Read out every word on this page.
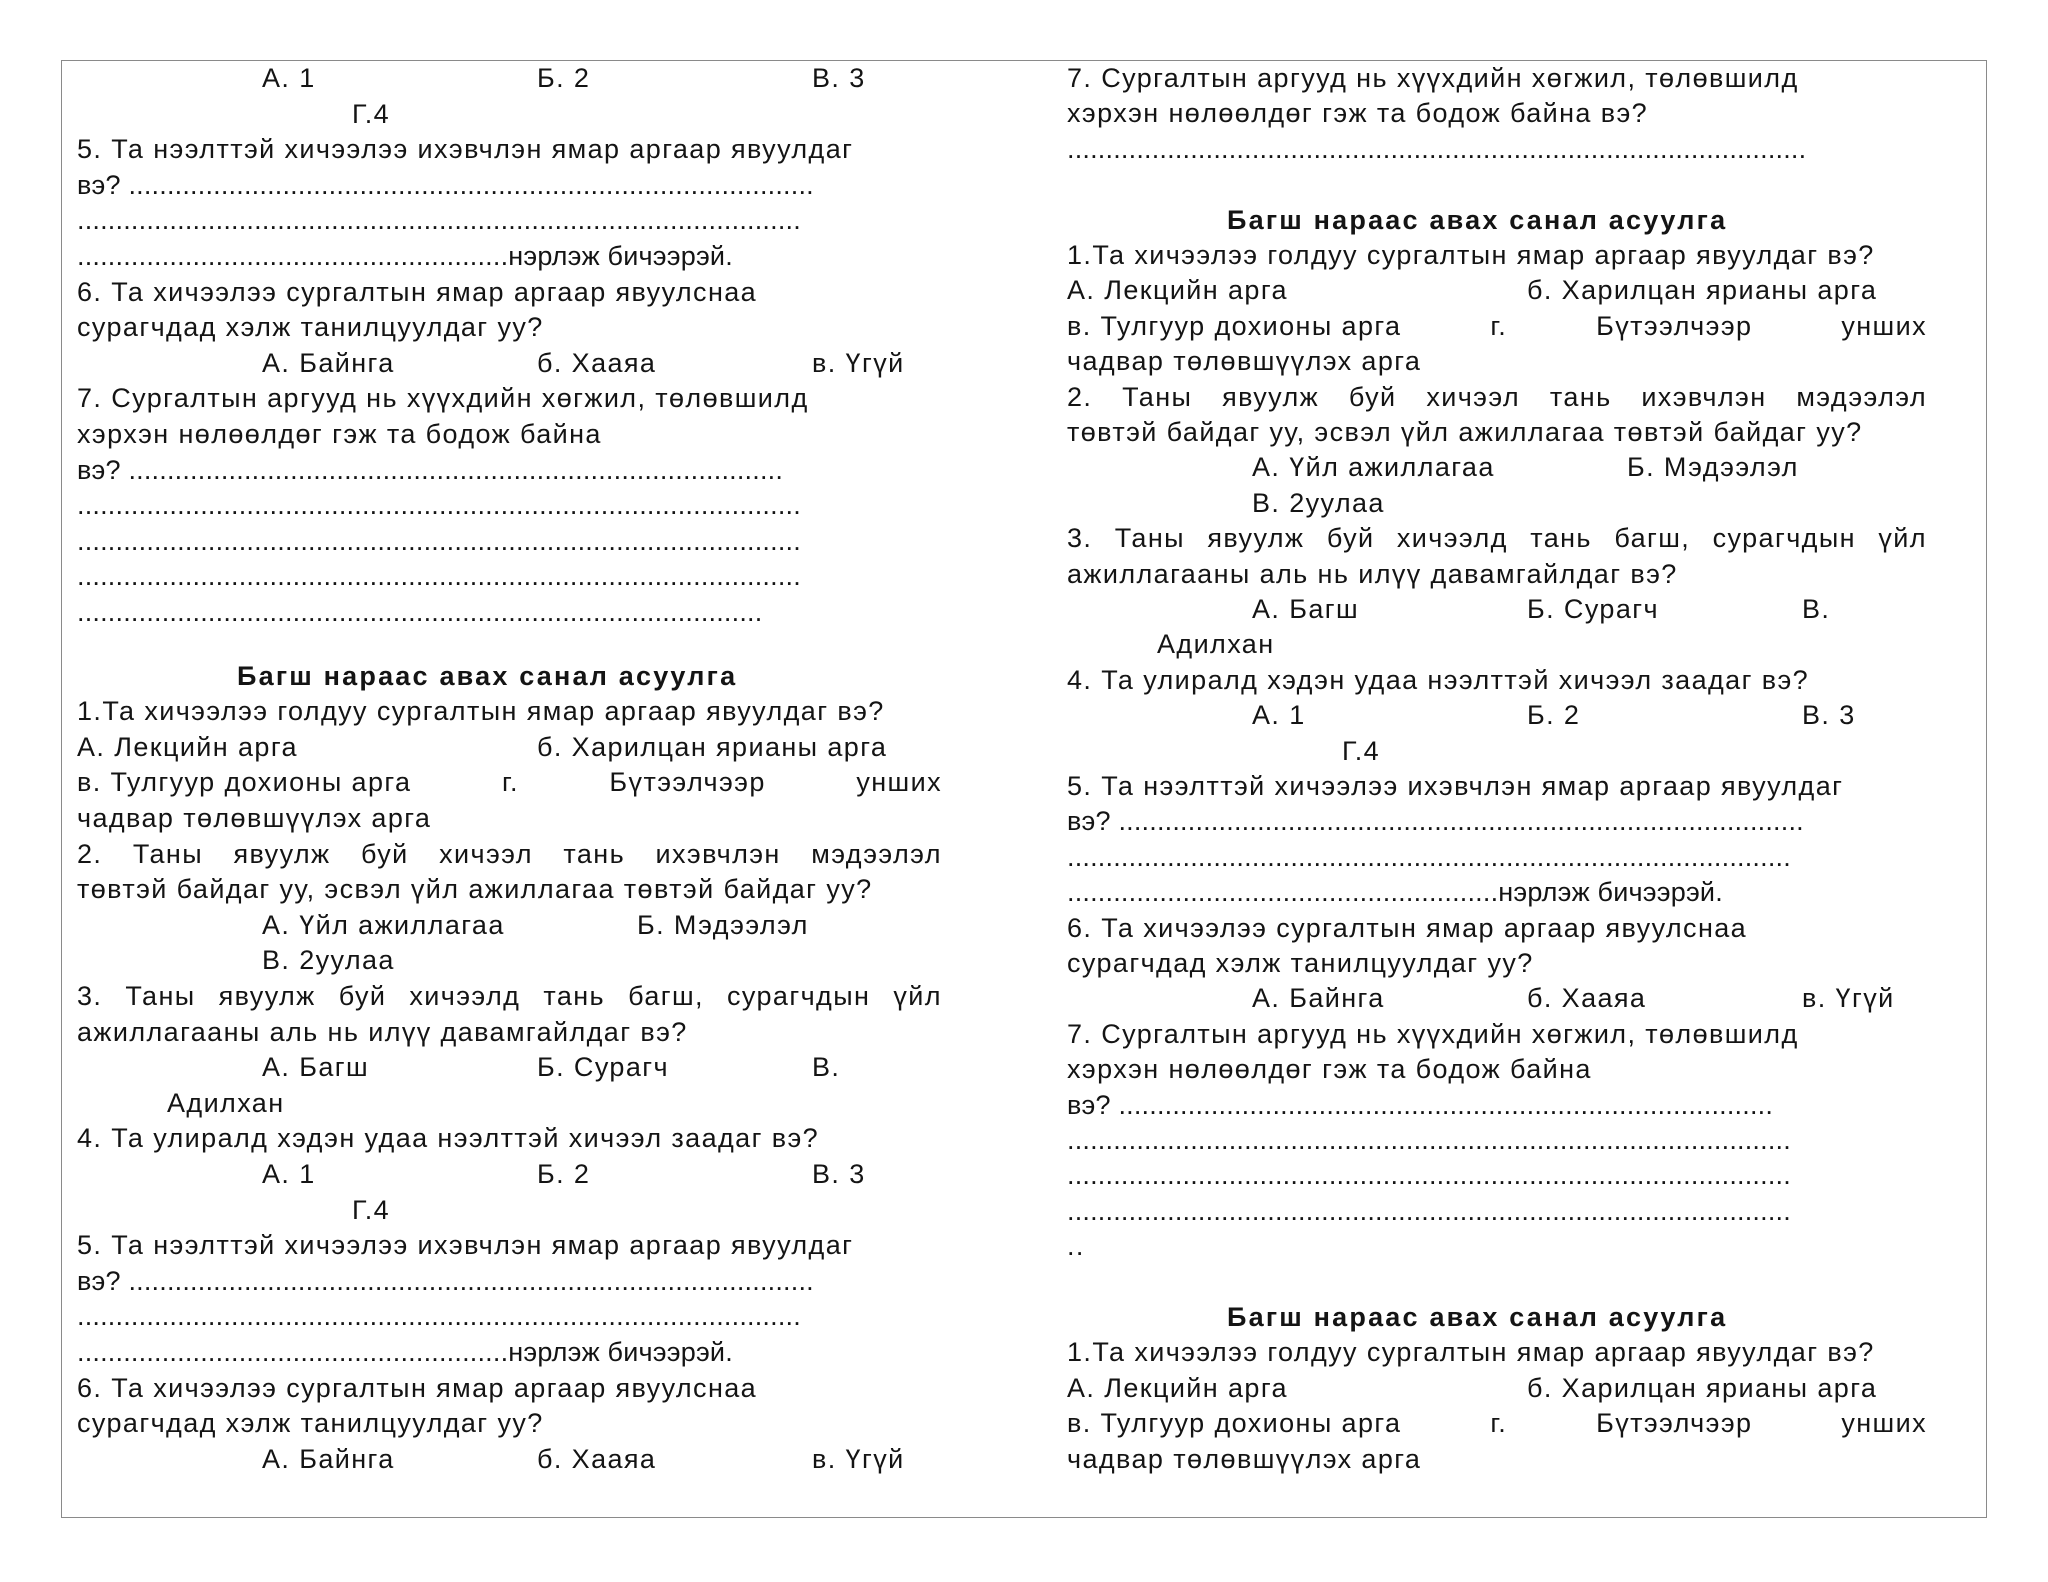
А. 1	Б. 2	В. 3
Г.4
5. Та нээлттэй хичээлээ ихэвчлэн ямар аргаар явуулдаг
вэ? .........................................................................................
..............................................................................................
........................................................нэрлэж бичээрэй.
6. Та хичээлээ сургалтын ямар аргаар явуулснаа
сурагчдад хэлж танилцуулдаг уу?
А. Байнга	б. Хааяа	в. Үгүй
7. Сургалтын аргууд нь хүүхдийн хөгжил, төлөвшилд
хэрхэн нөлөөлдөг гэж та бодож байна
вэ? .....................................................................................
..............................................................................................
..............................................................................................
..............................................................................................
.........................................................................................
Багш нараас авах санал асуулга
1.Та хичээлээ голдуу сургалтын ямар аргаар явуулдаг вэ?
А. Лекцийн арга	б. Харилцан ярианы арга
в. Тулгуур дохионы арга	г.	Бүтээлчээр	унших
чадвар төлөвшүүлэх арга
2. Таны явуулж буй хичээл тань ихэвчлэн мэдээлэл
төвтэй байдаг уу, эсвэл үйл ажиллагаа төвтэй байдаг уу?
А. Үйл ажиллагаа	Б. Мэдээлэл
В. 2уулаа
3. Таны явуулж буй хичээлд тань багш, сурагчдын үйл
ажиллагааны аль нь илүү давамгайлдаг вэ?
А. Багш	Б. Сурагч	В.
Адилхан
4. Та улиралд хэдэн удаа нээлттэй хичээл заадаг вэ?
А. 1	Б. 2	В. 3
Г.4
5. Та нээлттэй хичээлээ ихэвчлэн ямар аргаар явуулдаг
вэ? .........................................................................................
..............................................................................................
........................................................нэрлэж бичээрэй.
6. Та хичээлээ сургалтын ямар аргаар явуулснаа
сурагчдад хэлж танилцуулдаг уу?
А. Байнга	б. Хааяа	в. Үгүй
7. Сургалтын аргууд нь хүүхдийн хөгжил, төлөвшилд
хэрхэн нөлөөлдөг гэж та бодож байна вэ?
................................................................................................
Багш нараас авах санал асуулга
1.Та хичээлээ голдуу сургалтын ямар аргаар явуулдаг вэ?
А. Лекцийн арга	б. Харилцан ярианы арга
в. Тулгуур дохионы арга	г.	Бүтээлчээр	унших
чадвар төлөвшүүлэх арга
2. Таны явуулж буй хичээл тань ихэвчлэн мэдээлэл
төвтэй байдаг уу, эсвэл үйл ажиллагаа төвтэй байдаг уу?
А. Үйл ажиллагаа	Б. Мэдээлэл
В. 2уулаа
3. Таны явуулж буй хичээлд тань багш, сурагчдын үйл
ажиллагааны аль нь илүү давамгайлдаг вэ?
А. Багш	Б. Сурагч	В.
Адилхан
4. Та улиралд хэдэн удаа нээлттэй хичээл заадаг вэ?
А. 1	Б. 2	В. 3
Г.4
5. Та нээлттэй хичээлээ ихэвчлэн ямар аргаар явуулдаг
вэ? .........................................................................................
..............................................................................................
........................................................нэрлэж бичээрэй.
6. Та хичээлээ сургалтын ямар аргаар явуулснаа
сурагчдад хэлж танилцуулдаг уу?
А. Байнга	б. Хааяа	в. Үгүй
7. Сургалтын аргууд нь хүүхдийн хөгжил, төлөвшилд
хэрхэн нөлөөлдөг гэж та бодож байна
вэ? .....................................................................................
..............................................................................................
..............................................................................................
..............................................................................................
..
Багш нараас авах санал асуулга
1.Та хичээлээ голдуу сургалтын ямар аргаар явуулдаг вэ?
А. Лекцийн арга	б. Харилцан ярианы арга
в. Тулгуур дохионы арга	г.	Бүтээлчээр	унших
чадвар төлөвшүүлэх арга
